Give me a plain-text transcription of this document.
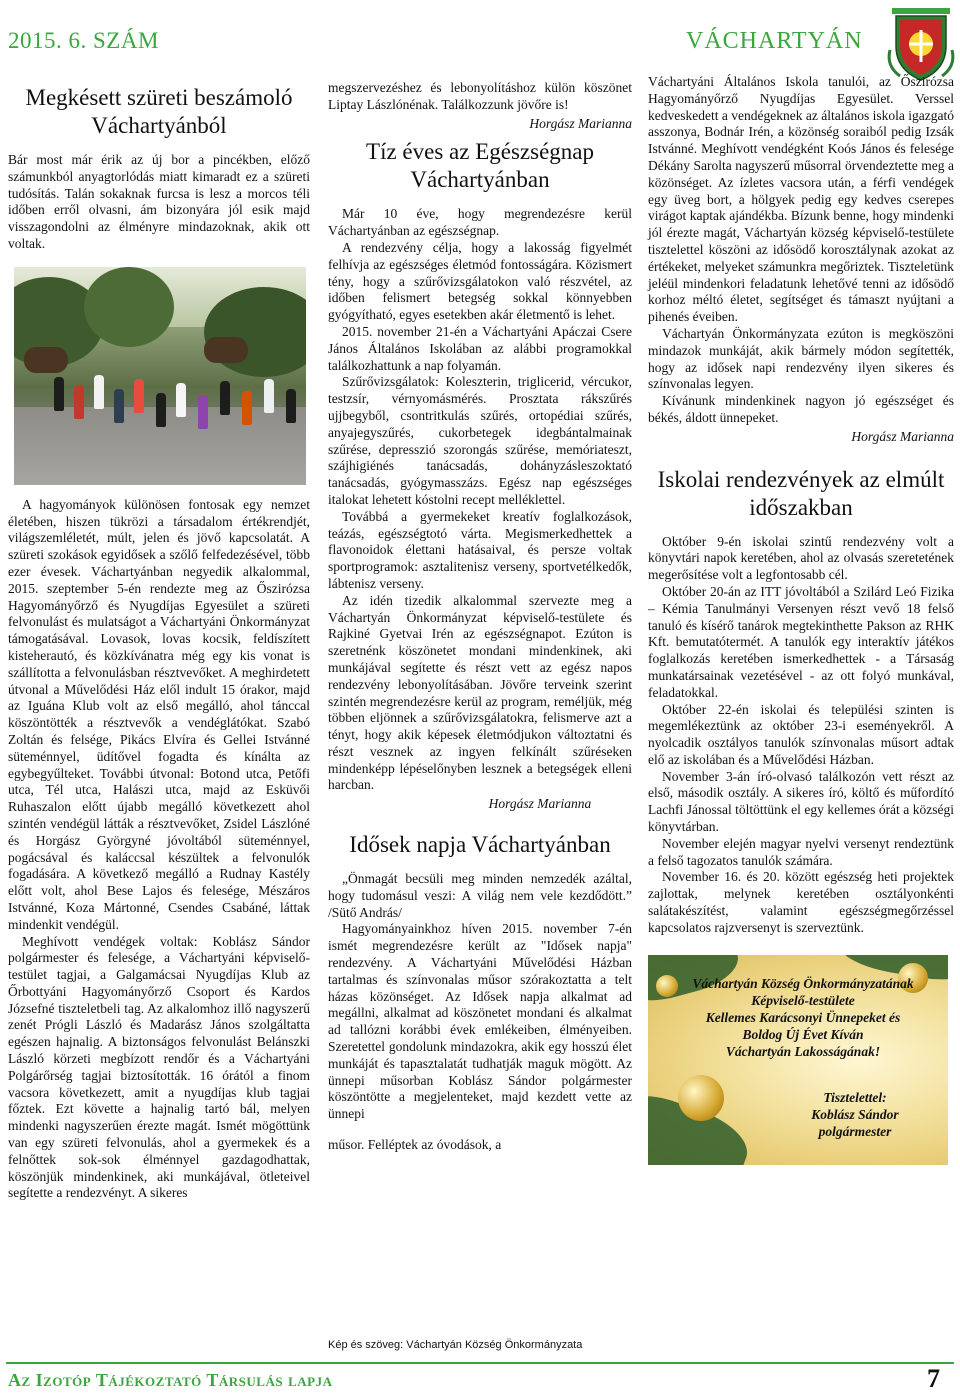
2015. 6. SZÁM	VÁCHARTYÁN
Megkésett szüreti beszámoló Váchartyánból

Bár most már érik az új bor a pincékben, előző számunkból anyagtorlódás miatt kimaradt ez a szüreti tudósítás. Talán sokaknak furcsa is lesz a morcos téli időben erről olvasni, ám bizonyára jól esik majd visszagondolni az élményre mindazoknak, akik ott voltak.

A hagyományok különösen fontosak egy nemzet életében, hiszen tükrözi a társadalom értékrendjét, világszemléletét, múlt, jelen és jövő kapcsolatát. A szüreti szokások egyidősek a szőlő felfedezésével, több ezer évesek. Váchartyánban negyedik alkalommal, 2015. szeptember 5-én rendezte meg az Őszirózsa Hagyományőrző és Nyugdíjas Egyesület a szüreti felvonulást és mulatságot a Váchartyáni Önkormányzat támogatásával. Lovasok, lovas kocsik, feldíszített kisteherautó, és közkívánatra még egy kis vonat is szállította a felvonulásban résztvevőket. A meghirdetett útvonal a Művelődési Ház elől indult 15 órakor, majd az Iguána Klub volt az első megálló, ahol tánccal köszöntötték a résztvevők a vendéglátókat. Szabó Zoltán és felsége, Pikács Elvíra és Gellei Istvánné süteménnyel, üdítővel fogadta és kínálta az egybegyűlteket. További útvonal: Botond utca, Petőfi utca, Tél utca, Halászi utca, majd az Esküvői Ruhaszalon előtt újabb megálló következett ahol szintén vendégül látták a résztvevőket, Zsidel Lászlóné és Horgász Györgyné jóvoltából süteménnyel, pogácsával és kaláccsal készültek a felvonulók fogadására. A következő megálló a Rudnay Kastély előtt volt, ahol Bese Lajos és felesége, Mészáros Istvánné, Koza Mártonné, Csendes Csabáné, láttak mindenkit vendégül.

Meghívott vendégek voltak: Koblász Sándor polgármester és felesége, a Váchartyáni képviselő-testület tagjai, a Galgamácsai Nyugdíjas Klub az Őrbottyáni Hagyományőrző Csoport és Kardos Józsefné tiszteletbeli tag. Az alkalomhoz illő nagyszerű zenét Prógli László és Madarász János szolgáltatta egészen hajnalig. A biztonságos felvonulást Belánszki László körzeti megbízott rendőr és a Váchartyáni Polgárőrség tagjai biztosították. 16 órától a finom vacsora következett, amit a nyugdíjas klub tagjai főztek. Ezt követte a hajnalig tartó bál, melyen mindenki nagyszerűen érezte magát. Ismét mögöttünk van egy szüreti felvonulás, ahol a gyermekek és a felnőttek sok-sok élménnyel gazdagodhattak, köszönjük mindenkinek, aki munkájával, ötleteivel segítette a rendezvényt. A sikeres

megszervezéshez és lebonyolításhoz külön köszönet Liptay Lászlónénak. Találkozzunk jövőre is!

Horgász Marianna
Tíz éves az Egészségnap Váchartyánban

Már 10 éve, hogy megrendezésre kerül Váchartyánban az egészségnap.

A rendezvény célja, hogy a lakosság figyelmét felhívja az egészséges életmód fontosságára. Közismert tény, hogy a szűrővizsgálatokon való részvétel, az időben felismert betegség sokkal könnyebben gyógyítható, egyes esetekben akár életmentő is lehet.

2015. november 21-én a Váchartyáni Apáczai Csere János Általános Iskolában az alábbi programokkal találkozhattunk a nap folyamán.

Szűrővizsgálatok: Koleszterin, triglicerid, vércukor, testzsír, vérnyomásmérés. Prosztata rákszűrés ujjbegyből, csontritkulás szűrés, ortopédiai szűrés, anyajegyszűrés, cukorbetegek idegbántalmainak szűrése, depresszió szorongás szűrése, memóriateszt, szájhigiénés tanácsadás, dohányzásleszoktató tanácsadás, gyógymasszázs. Egész nap egészséges italokat lehetett kóstolni recept melléklettel.

Továbbá a gyermekeket kreatív foglalkozások, teázás, egészségtotó várta. Megismerkedhettek a flavonoidok élettani hatásaival, és persze voltak sportprogramok: asztalitenisz verseny, sportvetélkedők, lábtenisz verseny.

Az idén tizedik alkalommal szervezte meg a Váchartyán Önkormányzat képviselő-testülete és Rajkiné Gyetvai Irén az egészségnapot. Ezúton is szeretnénk köszönetet mondani mindenkinek, aki munkájával segítette és részt vett az egész napos rendezvény lebonyolításában. Jövőre terveink szerint szintén megrendezésre kerül az program, reméljük, még többen eljönnek a szűrővizsgálatokra, felismerve azt a tényt, hogy akik képesek életmódjukon változtatni és részt vesznek az ingyen felkínált szűréseken mindenképp lépéselőnyben lesznek a betegségek elleni harcban.

Horgász Marianna
Idősek napja Váchartyánban

„Önmagát becsüli meg minden nemzedék azáltal, hogy tudomásul veszi: A világ nem vele kezdődött.” /Sütő András/

Hagyományainkhoz híven 2015. november 7-én ismét megrendezésre került az "Idősek napja" rendezvény. A Váchartyáni Művelődési Házban tartalmas és színvonalas műsor szórakoztatta a telt házas közönséget. Az Idősek napja alkalmat ad megállni, alkalmat ad köszönetet mondani és alkalmat ad tallózni korábbi évek emlékeiben, élményeiben. Szeretettel gondolunk mindazokra, akik egy hosszú élet munkáját és tapasztalatát tudhatják maguk mögött. Az ünnepi műsorban Koblász Sándor polgármester köszöntötte a megjelenteket, majd kezdett vette az ünnepi

műsor. Felléptek az óvodások, a

Váchartyáni Általános Iskola tanulói, az Őszirózsa Hagyományőrző Nyugdíjas Egyesület. Verssel kedveskedett a vendégeknek az általános iskola igazgató asszonya, Bodnár Irén, a közönség soraiból pedig Izsák Istvánné. Meghívott vendégként Koós János és felesége Dékány Sarolta nagyszerű műsorral örvendeztette meg a közönséget. Az ízletes vacsora után, a férfi vendégek egy üveg bort, a hölgyek pedig egy kedves cserepes virágot kaptak ajándékba. Bízunk benne, hogy mindenki jól érezte magát, Váchartyán község képviselő-testülete tisztelettel köszöni az idősödő korosztálynak azokat az értékeket, melyeket számunkra megőriztek. Tiszteletünk jeléül mindenkori feladatunk lehetővé tenni az idősödő korhoz méltó életet, segítséget és támaszt nyújtani a pihenés éveiben.

Váchartyán Önkormányzata ezúton is megköszöni mindazok munkáját, akik bármely módon segítették, hogy az idősek napi rendezvény ilyen sikeres és színvonalas legyen.

Kívánunk mindenkinek nagyon jó egészséget és békés, áldott ünnepeket.

Horgász Marianna
Iskolai rendezvények az elmúlt időszakban

Október 9-én iskolai szintű rendezvény volt a könyvtári napok keretében, ahol az olvasás szeretetének megerősítése volt a legfontosabb cél.

Október 20-án az ITT jóvoltából a Szilárd Leó Fizika – Kémia Tanulmányi Versenyen részt vevő 18 felső tanuló és kísérő tanárok megtekinthette Pakson az RHK Kft. bemutatótermét. A tanulók egy interaktív játékos foglalkozás keretében ismerkedhettek - a Társaság munkatársainak vezetésével - az ott folyó munkával, feladatokkal.

Október 22-én iskolai és települési szinten is megemlékeztünk az október 23-i eseményekről. A nyolcadik osztályos tanulók színvonalas műsort adtak elő az iskolában és a Művelődési Házban.

November 3-án író-olvasó találkozón vett részt az első, második osztály. A sikeres író, költő és műfordító Lachfi Jánossal töltöttünk el egy kellemes órát a községi könyvtárban.

November elején magyar nyelvi versenyt rendeztünk a felső tagozatos tanulók számára.

November 16. és 20. között egészség heti projektek zajlottak, melynek keretében osztályonkénti salátakészítést, valamint egészségmegőrzéssel kapcsolatos rajzversenyt is szerveztünk.

Váchartyán Község Önkormányzatának
Képviselő-testülete
Kellemes Karácsonyi Ünnepeket és
Boldog Új Évet Kíván
Váchartyán Lakosságának!
Tisztelettel:
Koblász Sándor
polgármester
Kép és szöveg: Váchartyán Község Önkormányzata
Az Izotóp Tájékoztató Társulás lapja	7
